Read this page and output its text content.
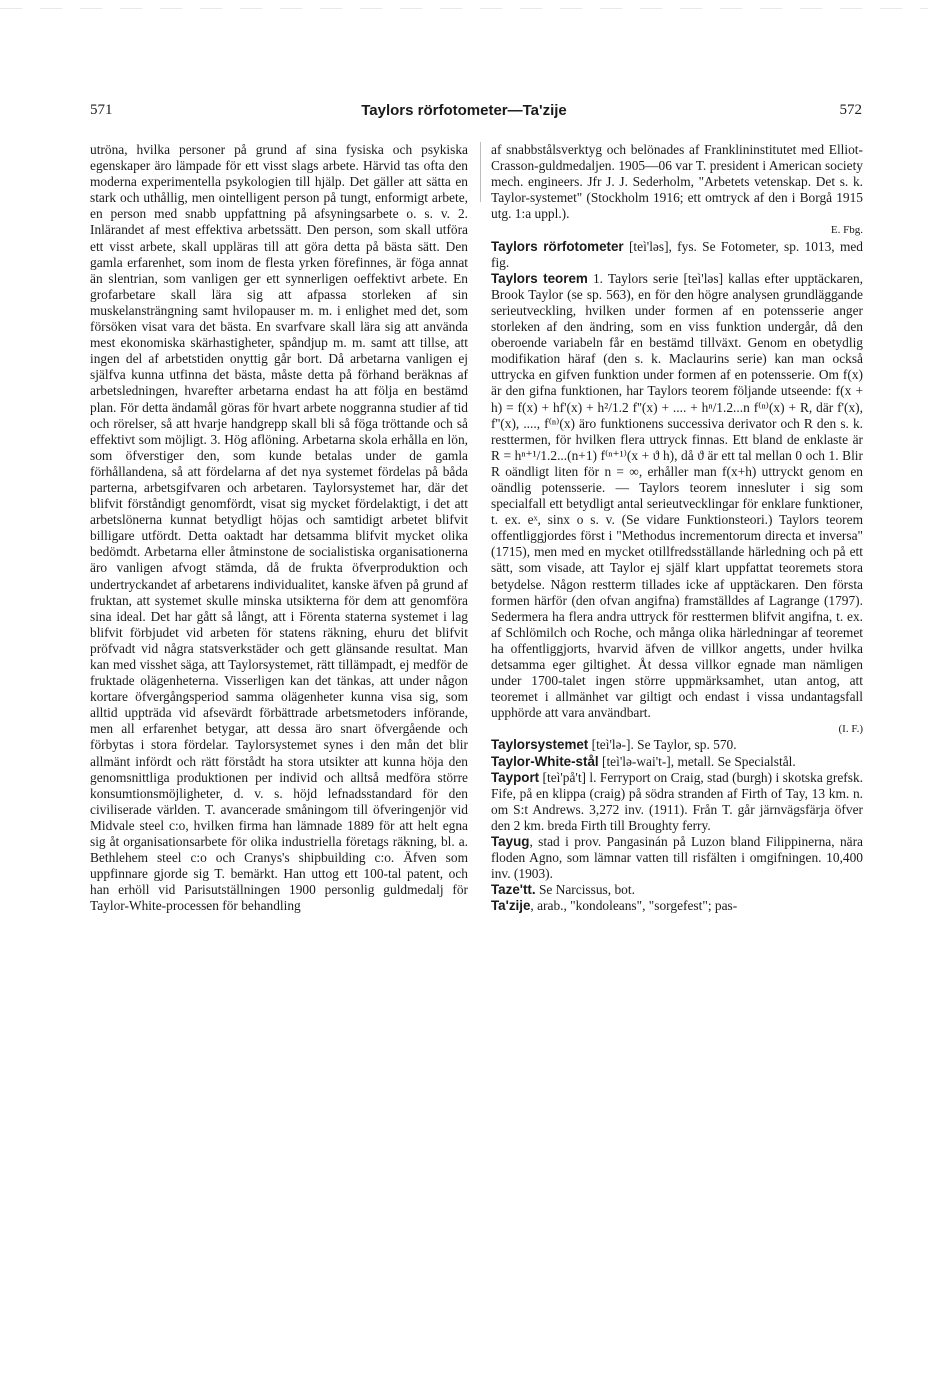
571	Taylors rörfotometer—Ta'zije	572

utröna, hvilka personer på grund af sina fysiska och psykiska egenskaper äro lämpade för ett visst slags arbete. Härvid tas ofta den moderna experimentella psykologien till hjälp. Det gäller att sätta en stark och uthållig, men ointelligent person på tungt, enformigt arbete, en person med snabb uppfattning på afsyningsarbete o. s. v. 2. Inlärandet af mest effektiva arbetssätt. Den person, som skall utföra ett visst arbete, skall uppläras till att göra detta på bästa sätt. Den gamla erfarenhet, som inom de flesta yrken förefinnes, är föga annat än slentrian, som vanligen ger ett synnerligen oeffektivt arbete. En grofarbetare skall lära sig att afpassa storleken af sin muskelansträngning samt hvilopauser m. m. i enlighet med det, som försöken visat vara det bästa. En svarfvare skall lära sig att använda mest ekonomiska skärhastigheter, spåndjup m. m. samt att tillse, att ingen del af arbetstiden onyttig går bort. Då arbetarna vanligen ej själfva kunna utfinna det bästa, måste detta på förhand beräknas af arbetsledningen, hvarefter arbetarna endast ha att följa en bestämd plan. För detta ändamål göras för hvart arbete noggranna studier af tid och rörelser, så att hvarje handgrepp skall bli så föga tröttande och så effektivt som möjligt. 3. Hög aflöning. Arbetarna skola erhålla en lön, som öfverstiger den, som kunde betalas under de gamla förhållandena, så att fördelarna af det nya systemet fördelas på båda parterna, arbetsgifvaren och arbetaren. Taylorsystemet har, där det blifvit förståndigt genomfördt, visat sig mycket fördelaktigt, i det att arbetslönerna kunnat betydligt höjas och samtidigt arbetet blifvit billigare utfördt. Detta oaktadt har detsamma blifvit mycket olika bedömdt. Arbetarna eller åtminstone de socialistiska organisationerna äro vanligen afvogt stämda, då de frukta öfverproduktion och undertryckandet af arbetarens individualitet, kanske äfven på grund af fruktan, att systemet skulle minska utsikterna för dem att genomföra sina ideal. Det har gått så långt, att i Förenta staterna systemet i lag blifvit förbjudet vid arbeten för statens räkning, ehuru det blifvit pröfvadt vid några statsverkstäder och gett glänsande resultat. Man kan med visshet säga, att Taylorsystemet, rätt tillämpadt, ej medför de fruktade olägenheterna. Visserligen kan det tänkas, att under någon kortare öfvergångsperiod samma olägenheter kunna visa sig, som alltid uppträda vid afsevärdt förbättrade arbetsmetoders införande, men all erfarenhet betygar, att dessa äro snart öfvergående och förbytas i stora fördelar. Taylorsystemet synes i den mån det blir allmänt infördt och rätt förstådt ha stora utsikter att kunna höja den genomsnittliga produktionen per individ och alltså medföra större konsumtionsmöjligheter, d. v. s. höjd lefnadsstandard för den civiliserade världen. T. avancerade småningom till öfveringenjör vid Midvale steel c:o, hvilken firma han lämnade 1889 för att helt egna sig åt organisationsarbete för olika industriella företags räkning, bl. a. Bethlehem steel c:o och Cranys's shipbuilding c:o. Äfven som uppfinnare gjorde sig T. bemärkt. Han uttog ett 100-tal patent, och han erhöll vid Parisutställningen 1900 personlig guldmedalj för Taylor-White-processen för behandling

af snabbstålsverktyg och belönades af Franklininstitutet med Elliot-Crasson-guldmedaljen. 1905—06 var T. president i American society mech. engineers. Jfr J. J. Sederholm, "Arbetets vetenskap. Det s. k. Taylor-systemet" (Stockholm 1916; ett omtryck af den i Borgå 1915 utg. 1:a uppl.).
E. Fbg.

Taylors rörfotometer [teì'ləs], fys. Se Fotometer, sp. 1013, med fig.

Taylors teorem 1. Taylors serie [teì'ləs] kallas efter upptäckaren, Brook Taylor (se sp. 563), en för den högre analysen grundläggande serieutveckling, hvilken under formen af en potensserie anger storleken af den ändring, som en viss funktion undergår, då den oberoende variabeln får en bestämd tillväxt. Genom en obetydlig modifikation häraf (den s. k. Maclaurins serie) kan man också uttrycka en gifven funktion under formen af en potensserie. Om f(x) är den gifna funktionen, har Taylors teorem följande utseende: f(x + h) = f(x) + hf'(x) + h²/1.2 f''(x) + .... + hⁿ/1.2...n f⁽ⁿ⁾(x) + R, där f'(x), f''(x), ...., f⁽ⁿ⁾(x) äro funktionens successiva derivator och R den s. k. resttermen, för hvilken flera uttryck finnas. Ett bland de enklaste är R = hⁿ⁺¹/1.2...(n+1) f⁽ⁿ⁺¹⁾(x + ϑ h), då ϑ är ett tal mellan 0 och 1. Blir R oändligt liten för n = ∞, erhåller man f(x+h) uttryckt genom en oändlig potensserie. — Taylors teorem innesluter i sig som specialfall ett betydligt antal serieutvecklingar för enklare funktioner, t. ex. eˣ, sinx o s. v. (Se vidare Funktionsteori.) Taylors teorem offentliggjordes först i "Methodus incrementorum directa et inversa" (1715), men med en mycket otillfredsställande härledning och på ett sätt, som visade, att Taylor ej själf klart uppfattat teoremets stora betydelse. Någon restterm tillades icke af upptäckaren. Den första formen härför (den ofvan angifna) framställdes af Lagrange (1797). Sedermera ha flera andra uttryck för resttermen blifvit angifna, t. ex. af Schlömilch och Roche, och många olika härledningar af teoremet ha offentliggjorts, hvarvid äfven de villkor angetts, under hvilka detsamma eger giltighet. Åt dessa villkor egnade man nämligen under 1700-talet ingen större uppmärksamhet, utan antog, att teoremet i allmänhet var giltigt och endast i vissa undantagsfall upphörde att vara användbart.
(I. F.)

Taylorsystemet [teì'lə-]. Se Taylor, sp. 570.

Taylor-White-stål [teì'lə-wai't-], metall. Se Specialstål.

Tayport [teì'på't] l. Ferryport on Craig, stad (burgh) i skotska grefsk. Fife, på en klippa (craig) på södra stranden af Firth of Tay, 13 km. n. om S:t Andrews. 3,272 inv. (1911). Från T. går järnvägsfärja öfver den 2 km. breda Firth till Broughty ferry.

Tayug, stad i prov. Pangasinán på Luzon bland Filippinerna, nära floden Agno, som lämnar vatten till risfälten i omgifningen. 10,400 inv. (1903).

Taze'tt. Se Narcissus, bot.

Ta'zije, arab., "kondoleans", "sorgefest"; pas-
